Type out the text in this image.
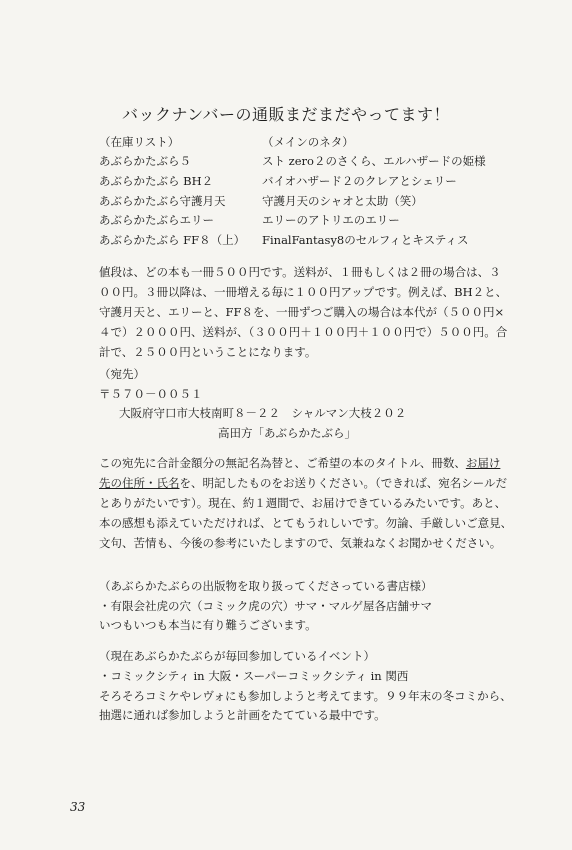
バックナンバーの通販まだまだやってます！
（在庫リスト）	（メインのネタ）
あぶらかたぶら５	スト zero２のさくら、エルハザードの姫様
あぶらかたぶら BH２	バイオハザード２のクレアとシェリー
あぶらかたぶら守護月天	守護月天のシャオと太助（笑）
あぶらかたぶらエリー	エリーのアトリエのエリー
あぶらかたぶら FF８（上） FinalFantasy8のセルフィとキスティス
値段は、どの本も一冊５００円です。送料が、１冊もしくは２冊の場合は、３
００円。３冊以降は、一冊増える毎に１００円アップです。例えば、BH２と、
守護月天と、エリーと、FF８を、一冊ずつご購入の場合は本代が（５００円×
４で）２０００円、送料が、（３００円＋１００円＋１００円で）５００円。合
計で、２５００円ということになります。
（宛先）
〒５７０－００５１
大阪府守口市大枝南町８－２２　シャルマン大枝２０２
高田方「あぶらかたぶら」
この宛先に合計金額分の無記名為替と、ご希望の本のタイトル、冊数、お届け
先の住所・氏名を、明記したものをお送りください。（できれば、宛名シールだ
とありがたいです）。現在、約１週間で、お届けできているみたいです。あと、
本の感想も添えていただければ、とてもうれしいです。勿論、手厳しいご意見、
文句、苦情も、今後の参考にいたしますので、気兼ねなくお聞かせください。
（あぶらかたぶらの出版物を取り扱ってくださっている書店様）
・有限会社虎の穴（コミック虎の穴）サマ・マルゲ屋各店舗サマ
いつもいつも本当に有り難うございます。
（現在あぶらかたぶらが毎回参加しているイベント）
・コミックシティ in 大阪・スーパーコミックシティ in 関西
そろそろコミケやレヴォにも参加しようと考えてます。９９年末の冬コミから、
抽選に通れば参加しようと計画をたてている最中です。
33
